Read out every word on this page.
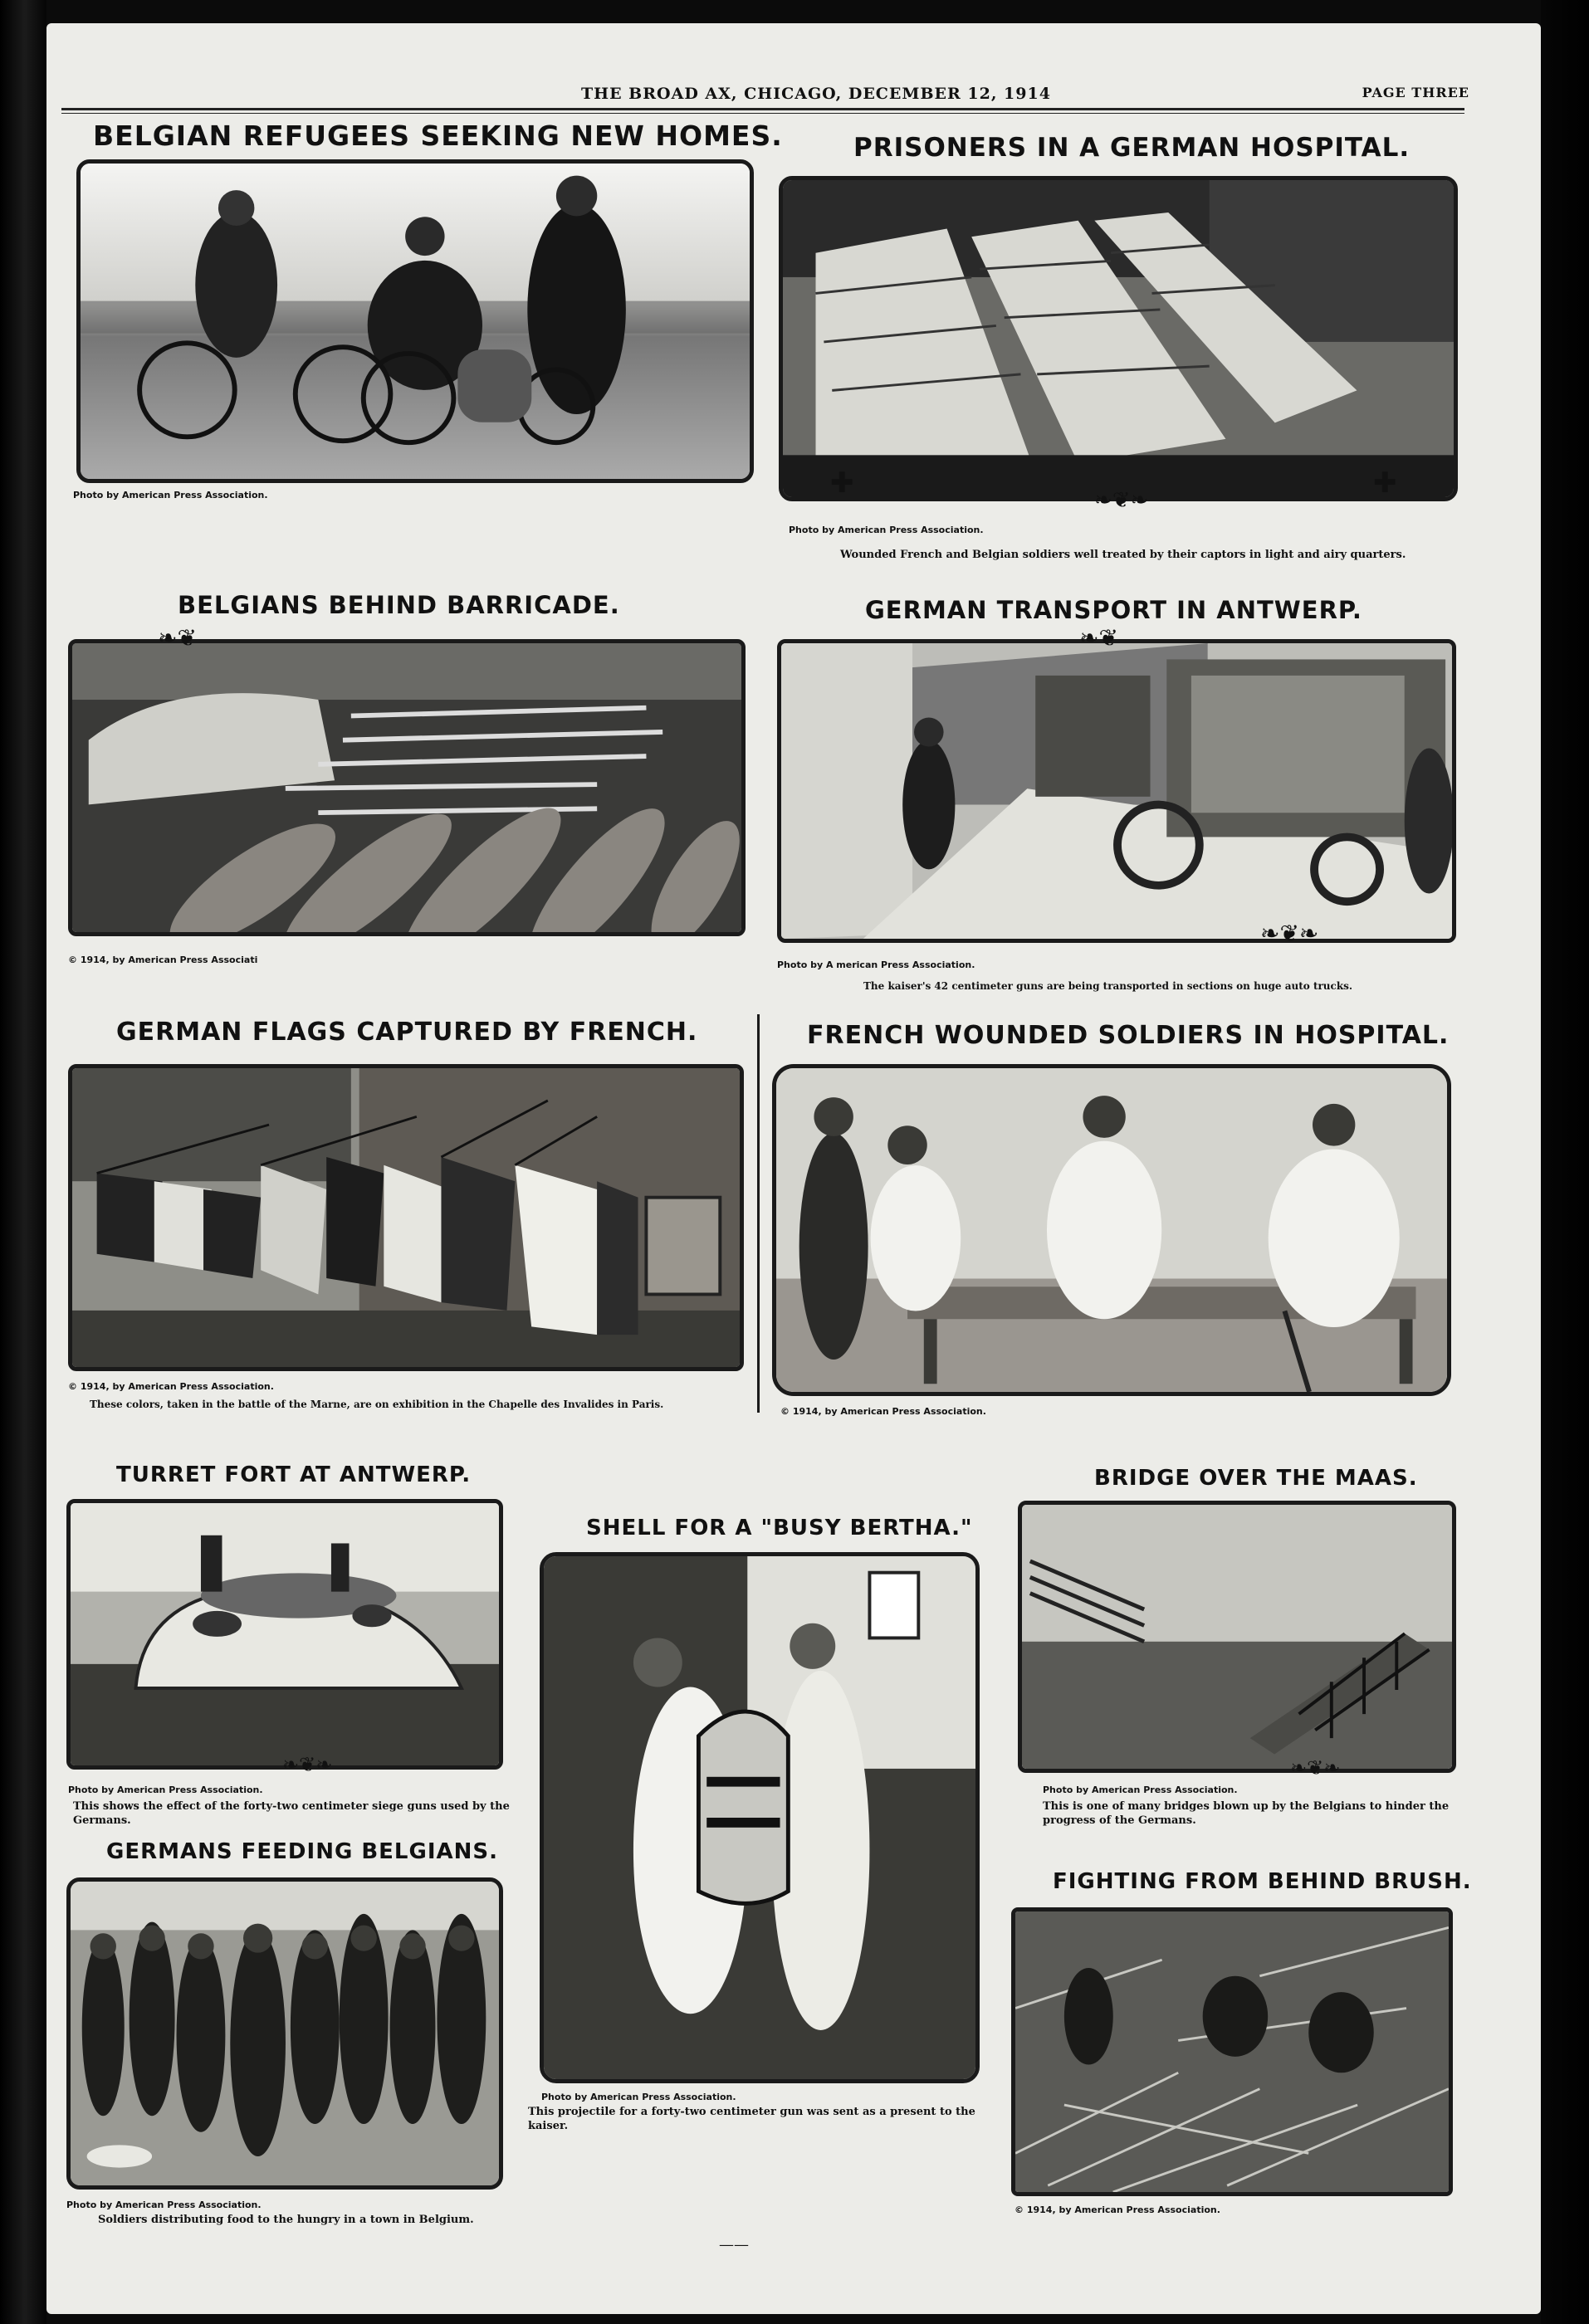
THE BROAD AX, CHICAGO, DECEMBER 12, 1914	PAGE THREE
BELGIAN REFUGEES SEEKING NEW HOMES.
Photo by American Press Association.
PRISONERS IN A GERMAN HOSPITAL.
✚	✚
❧❦❧
Photo by American Press Association.
Wounded French and Belgian soldiers well treated by their captors in light and airy quarters.
BELGIANS BEHIND BARRICADE.
❧❦
© 1914, by American Press Associati
GERMAN TRANSPORT IN ANTWERP.
❧❦
❧❦❧
Photo by A merican Press Association.
The kaiser's 42 centimeter guns are being transported in sections on huge auto trucks.
GERMAN FLAGS CAPTURED BY FRENCH.
© 1914, by American Press Association.
These colors, taken in the battle of the Marne, are on exhibition in the Chapelle des Invalides in Paris.
FRENCH WOUNDED SOLDIERS IN HOSPITAL.
© 1914, by American Press Association.
TURRET FORT AT ANTWERP.
❧❦❧
Photo by American Press Association.
This shows the effect of the forty-two centimeter siege guns used by the Germans.
SHELL FOR A "BUSY BERTHA."
Photo by American Press Association.
This projectile for a forty-two centimeter gun was sent as a present to the kaiser.
BRIDGE OVER THE MAAS.
❧❦❧
Photo by American Press Association.
This is one of many bridges blown up by the Belgians to hinder the progress of the Germans.
GERMANS FEEDING BELGIANS.
Photo by American Press Association.
Soldiers distributing food to the hungry in a town in Belgium.
FIGHTING FROM BEHIND BRUSH.
© 1914, by American Press Association.
——
